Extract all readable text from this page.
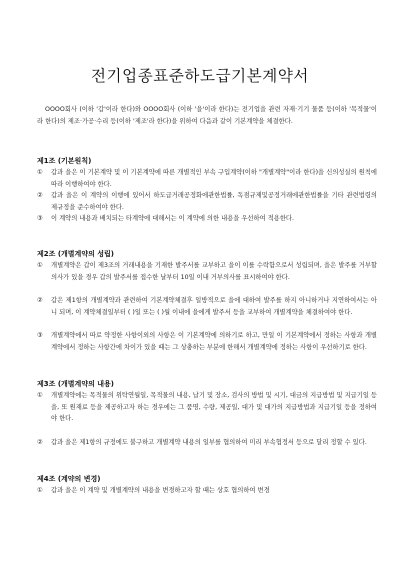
전기업종표준하도급기본계약서
OOOO회사 (이하 '갑'이라 한다)와 OOOO회사 (이하 '을'이라 한다)는 전기업을 관련 자재·기기 물품 등(이하 '목적물'이라 한다)의 제조·가공·수리 등(이하 '제조'라 한다)을 위하여 다음과 같이 기본계약을 체결한다.
제1조 (기본원칙)
①	갑과 을은 이 기본계약 및 이 기본계약에 따른 개별적인 부속 구입계약(이하 "개별계약"이라 한다)을 신의성실의 원칙에 따라 이행하여야 한다.
②	갑과 을은 이 계약의 이행에 있어서 하도급거래공정화에관한법률, 독점규제및공정거래에관한법률을 기타 관련법령의 제규정을 준수하여야 한다.
③	이 계약의 내용과 배치되는 타계약에 대해서는 이 계약에 의한 내용을 우선하여 적용한다.
제2조 (개별계약의 성립)
①	개별계약은 갑이 제3조의 거래내용을 기재한 발주서를 교부하고 을이 이를 수락함으로서 성립되며, 을은 발주를 거부할 의사가 있을 경우 갑의 발주서를 접수한 날부터 10일 이내 거부의사를 표시하여야 한다.
②	갑은 제1항의 개별계약과 관련하여 기본계약체결후 일방적으로 을에 대하여 발주를 하지 아니하거나 지연하여서는 아니 되며, 이 계약체결일부터 ( )일 또는 ( )월 이내에 을에게 발주서 등을 교부하여 개별계약을 체결하여야 한다.
③	개별계약에서 따로 약정한 사항이외의 사항은 이 기본계약에 의하기로 하고, 만일 이 기본계약에서 정하는 사항과 개별계약에서 정하는 사항간에 차이가 있을 때는 그 상충하는 부분에 한해서 개별계약에 정하는 사항이 우선하기로 한다.
제3조 (개별계약의 내용)
①	개별계약에는 목적물의 위탁연월일, 목적물의 내용, 납기 및 장소, 검사의 방법 및 시기, 대금의 지급방법 및 지급기일 등을, 또 원재료 등을 제공하고자 하는 경우에는 그 품명, 수량, 제공일, 대가 및 대가의 지급방법과 지급기일 등을 정하여야 한다.
②	갑과 을은 제1항의 규정에도 불구하고 개별계약 내용의 일부를 협의하여 미리 부속협정서 등으로 달리 정할 수 있다.
제4조 (계약의 변경)
①	갑과 을은 이 계약 및 개별계약의 내용을 변경하고자 할 때는 상호 협의하여 변경
